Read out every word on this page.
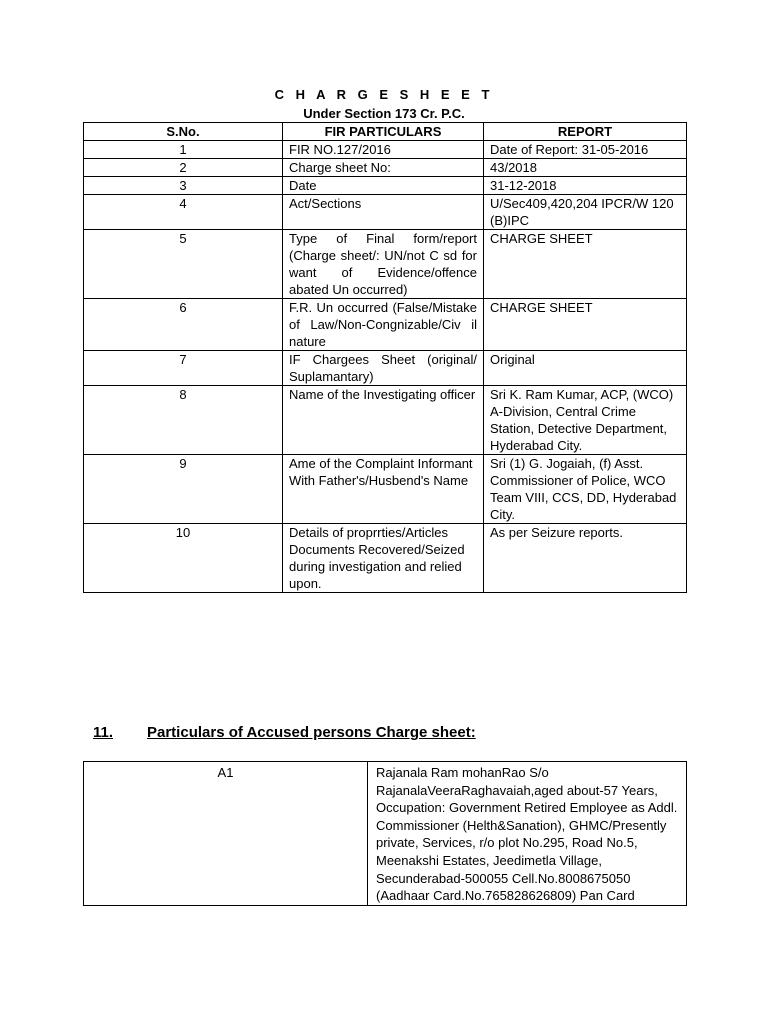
C H A R G E S H E E T
Under Section 173 Cr. P.C.
S.No.	FIR PARTICULARS	REPORT
1	FIR NO.127/2016	Date of Report: 31-05-2016
2	Charge sheet No:	43/2018
3	Date	31-12-2018
4	Act/Sections	U/Sec409,420,204 IPCR/W 120 (B)IPC
5	Type of Final form/report (Charge sheet/: UN/not C sd for want of Evidence/offence abated Un occurred)	CHARGE SHEET
6	F.R. Un occurred (False/Mistake of Law/Non-Congnizable/Civ il nature	CHARGE SHEET
7	IF Chargees Sheet (original/ Suplamantary)	Original
8	Name of the Investigating officer	Sri K. Ram Kumar, ACP, (WCO) A-Division, Central Crime Station, Detective Department, Hyderabad City.
9	Ame of the Complaint Informant With Father's/Husbend's Name	Sri (1) G. Jogaiah, (f) Asst. Commissioner of Police, WCO Team VIII, CCS, DD, Hyderabad City.
10	Details of proprrties/Articles Documents Recovered/Seized during investigation and relied upon.	As per Seizure reports.
11. Particulars of Accused persons Charge sheet:
A1	Rajanala Ram mohanRao S/o RajanalaVeeraRaghavaiah,aged about-57 Years, Occupation: Government Retired Employee as Addl. Commissioner (Helth&Sanation), GHMC/Presently private, Services, r/o plot No.295, Road No.5, Meenakshi Estates, Jeedimetla Village, Secunderabad-500055 Cell.No.8008675050 (Aadhaar Card.No.765828626809) Pan Card
